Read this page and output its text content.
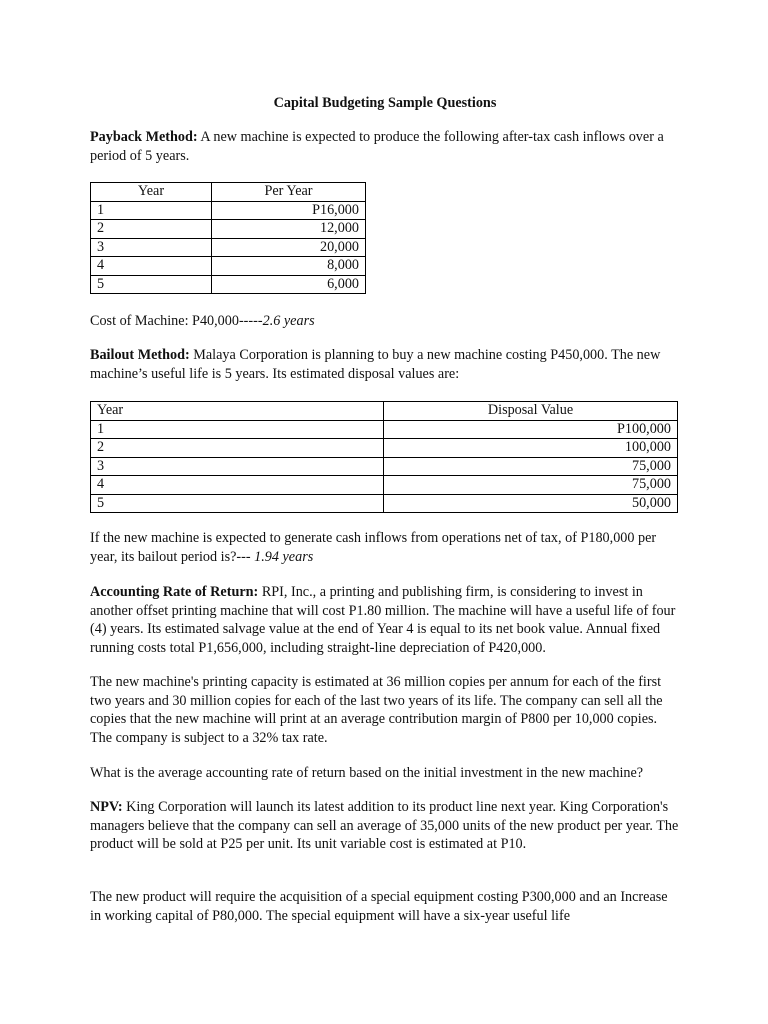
Capital Budgeting Sample Questions

Payback Method: A new machine is expected to produce the following after-tax cash inflows over a period of 5 years.

Year	Per Year
1	P16,000
2	12,000
3	20,000
4	8,000
5	6,000

Cost of Machine: P40,000-----2.6 years

Bailout Method: Malaya Corporation is planning to buy a new machine costing P450,000. The new machine’s useful life is 5 years. Its estimated disposal values are:

Year	Disposal Value
1	P100,000
2	100,000
3	75,000
4	75,000
5	50,000

If the new machine is expected to generate cash inflows from operations net of tax, of P180,000 per year, its bailout period is?--- 1.94 years

Accounting Rate of Return: RPI, Inc., a printing and publishing firm, is considering to invest in another offset printing machine that will cost P1.80 million. The machine will have a useful life of four (4) years. Its estimated salvage value at the end of Year 4 is equal to its net book value. Annual fixed running costs total P1,656,000, including straight-line depreciation of P420,000.

The new machine's printing capacity is estimated at 36 million copies per annum for each of the first two years and 30 million copies for each of the last two years of its life. The company can sell all the copies that the new machine will print at an average contribution margin of P800 per 10,000 copies. The company is subject to a 32% tax rate.

What is the average accounting rate of return based on the initial investment in the new machine?

NPV: King Corporation will launch its latest addition to its product line next year. King Corporation's managers believe that the company can sell an average of 35,000 units of the new product per year. The product will be sold at P25 per unit. Its unit variable cost is estimated at P10.

The new product will require the acquisition of a special equipment costing P300,000 and an Increase in working capital of P80,000. The special equipment will have a six-year useful life
